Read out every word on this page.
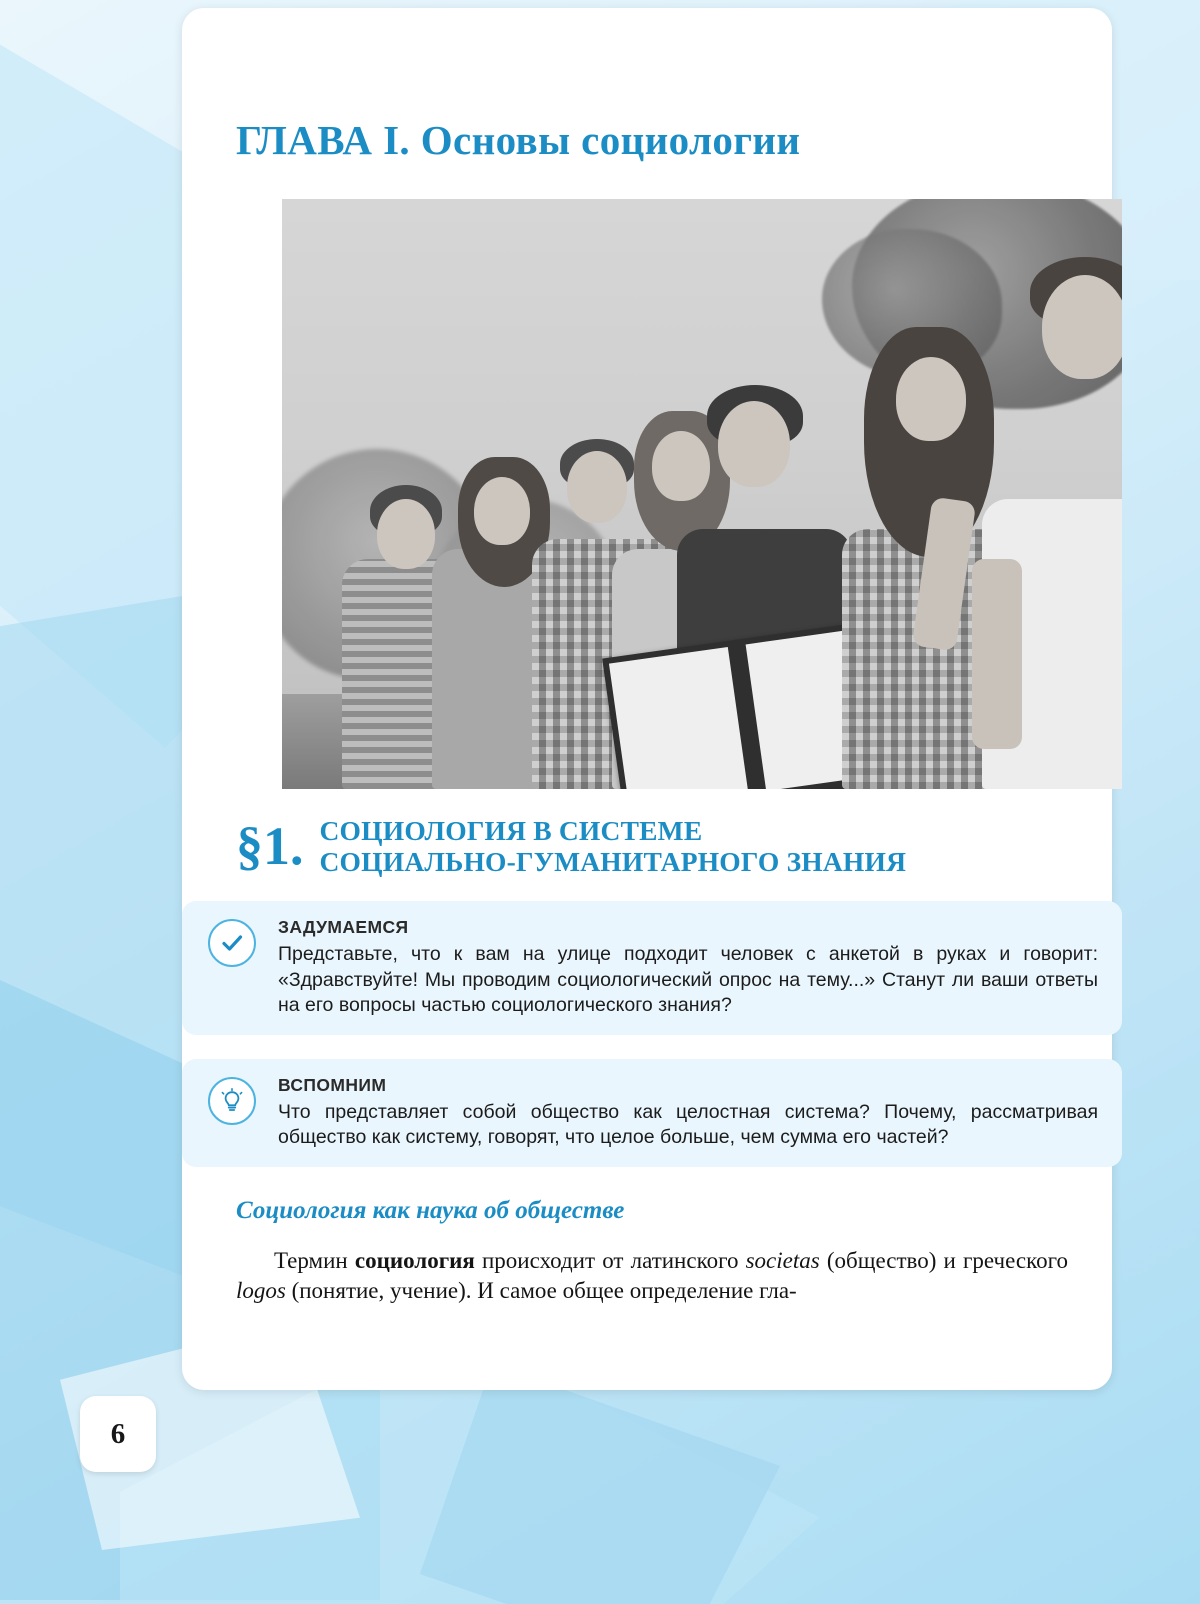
ГЛАВА I. Основы социологии
§1. СОЦИОЛОГИЯ В СИСТЕМЕ
СОЦИАЛЬНО-ГУМАНИТАРНОГО ЗНАНИЯ
ЗАДУМАЕМСЯ
Представьте, что к вам на улице подходит человек с анкетой в руках и говорит: «Здравствуйте! Мы проводим социологический опрос на тему...» Станут ли ваши ответы на его вопросы частью социологического знания?
ВСПОМНИМ
Что представляет собой общество как целостная система? Почему, рассматривая общество как систему, говорят, что целое больше, чем сумма его частей?
Социология как наука об обществе

Термин социология происходит от латинского societas (общество) и греческого logos (понятие, учение). И самое общее определение гла-

6
